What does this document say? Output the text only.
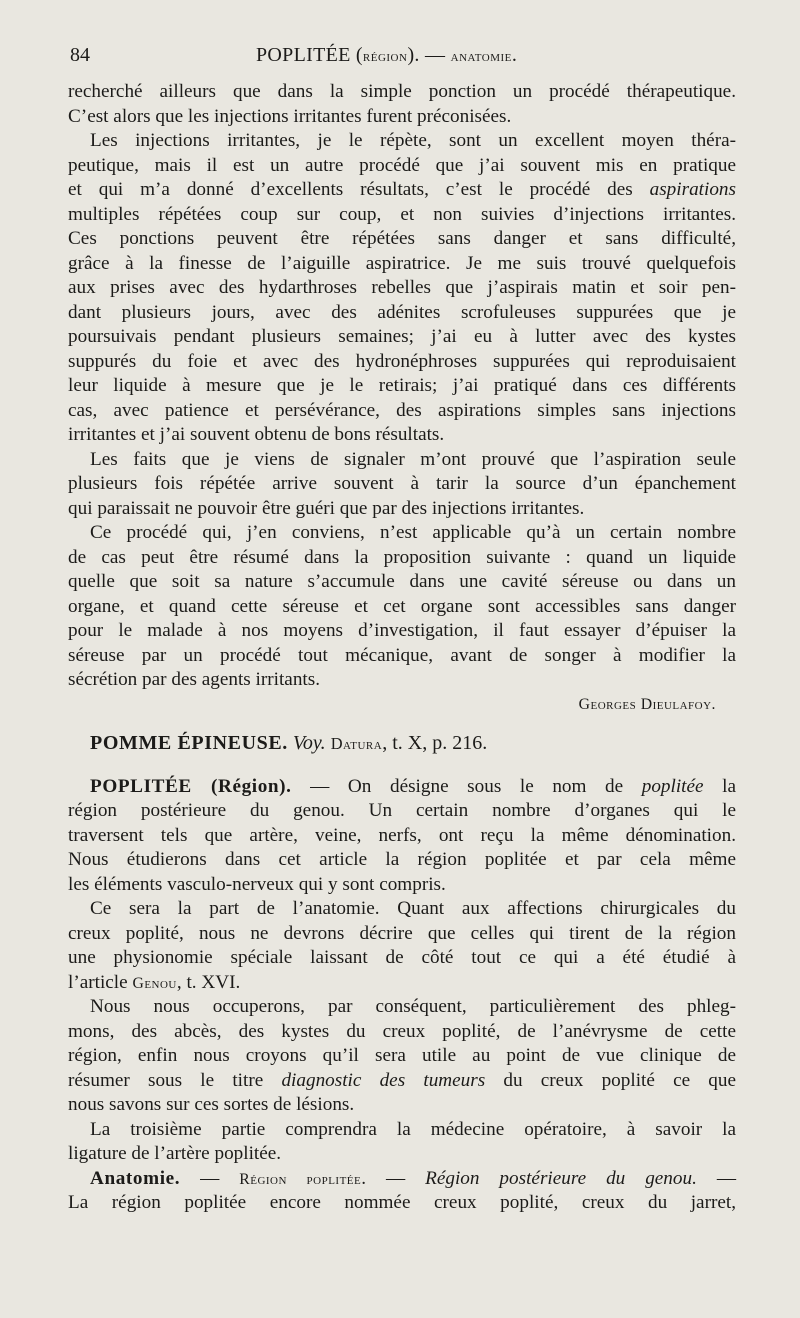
84	POPLITÉE (région). — anatomie.
recherché ailleurs que dans la simple ponction un procédé thérapeutique.
C’est alors que les injections irritantes furent préconisées.
Les injections irritantes, je le répète, sont un excellent moyen théra-
peutique, mais il est un autre procédé que j’ai souvent mis en pratique
et qui m’a donné d’excellents résultats, c’est le procédé des aspirations
multiples répétées coup sur coup, et non suivies d’injections irritantes.
Ces ponctions peuvent être répétées sans danger et sans difficulté,
grâce à la finesse de l’aiguille aspiratrice. Je me suis trouvé quelquefois
aux prises avec des hydarthroses rebelles que j’aspirais matin et soir pen-
dant plusieurs jours, avec des adénites scrofuleuses suppurées que je
poursuivais pendant plusieurs semaines; j’ai eu à lutter avec des kystes
suppurés du foie et avec des hydronéphroses suppurées qui reproduisaient
leur liquide à mesure que je le retirais; j’ai pratiqué dans ces différents
cas, avec patience et persévérance, des aspirations simples sans injections
irritantes et j’ai souvent obtenu de bons résultats.
Les faits que je viens de signaler m’ont prouvé que l’aspiration seule
plusieurs fois répétée arrive souvent à tarir la source d’un épanchement
qui paraissait ne pouvoir être guéri que par des injections irritantes.
Ce procédé qui, j’en conviens, n’est applicable qu’à un certain nombre
de cas peut être résumé dans la proposition suivante : quand un liquide
quelle que soit sa nature s’accumule dans une cavité séreuse ou dans un
organe, et quand cette séreuse et cet organe sont accessibles sans danger
pour le malade à nos moyens d’investigation, il faut essayer d’épuiser la
séreuse par un procédé tout mécanique, avant de songer à modifier la
sécrétion par des agents irritants.
Georges Dieulafoy.
POMME ÉPINEUSE. Voy. Datura, t. X, p. 216.
POPLITÉE (Région). — On désigne sous le nom de poplitée la
région postérieure du genou. Un certain nombre d’organes qui le
traversent tels que artère, veine, nerfs, ont reçu la même dénomination.
Nous étudierons dans cet article la région poplitée et par cela même
les éléments vasculo-nerveux qui y sont compris.
Ce sera la part de l’anatomie. Quant aux affections chirurgicales du
creux poplité, nous ne devrons décrire que celles qui tirent de la région
une physionomie spéciale laissant de côté tout ce qui a été étudié à
l’article Genou, t. XVI.
Nous nous occuperons, par conséquent, particulièrement des phleg-
mons, des abcès, des kystes du creux poplité, de l’anévrysme de cette
région, enfin nous croyons qu’il sera utile au point de vue clinique de
résumer sous le titre diagnostic des tumeurs du creux poplité ce que
nous savons sur ces sortes de lésions.
La troisième partie comprendra la médecine opératoire, à savoir la
ligature de l’artère poplitée.
Anatomie. — Région poplitée. — Région postérieure du genou. —
La région poplitée encore nommée creux poplité, creux du jarret,
